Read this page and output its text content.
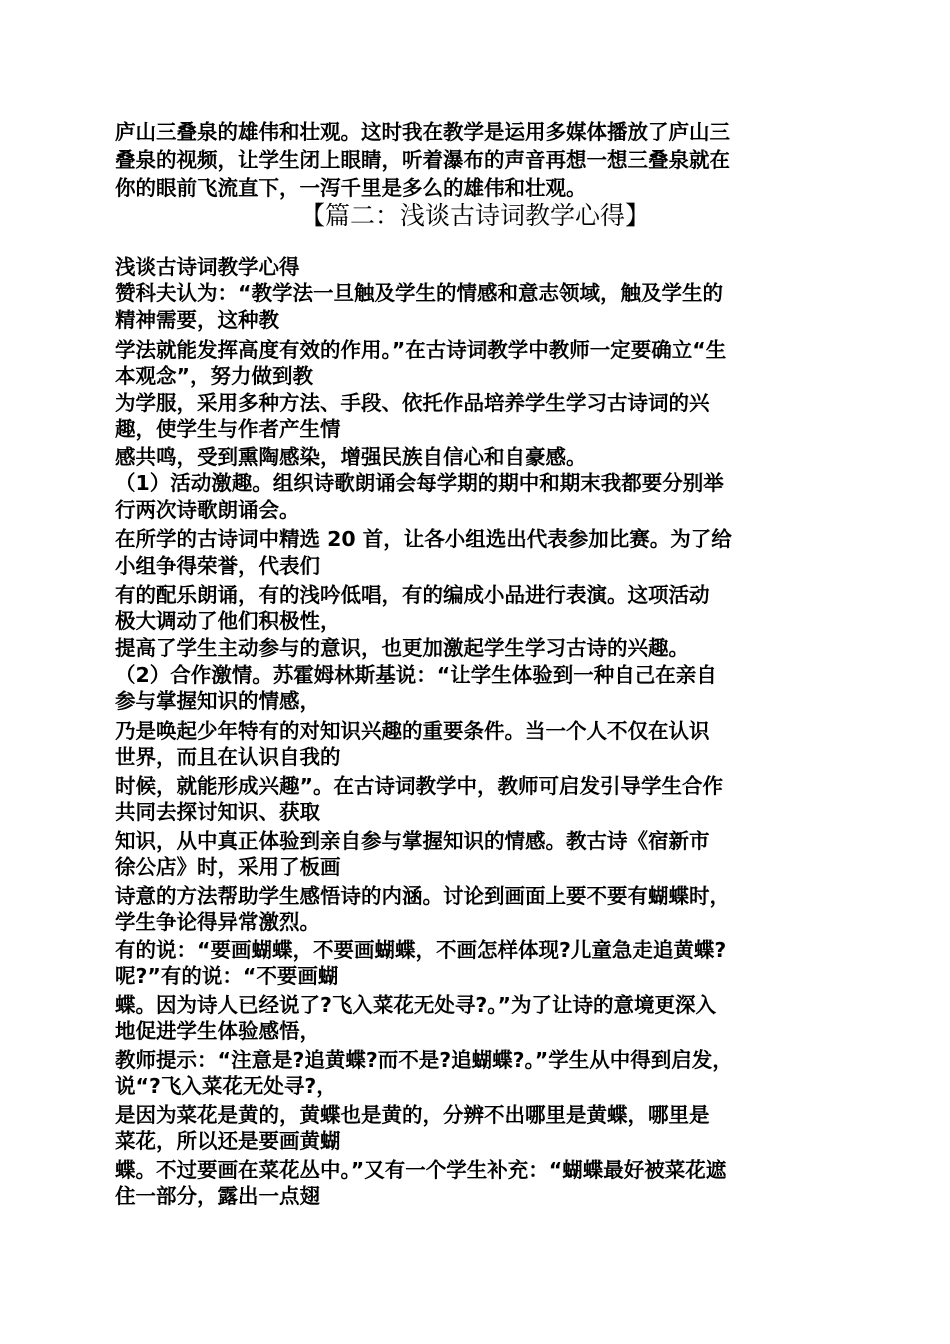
庐山三叠泉的雄伟和壮观。这时我在教学是运用多媒体播放了庐山三
叠泉的视频，让学生闭上眼睛，听着瀑布的声音再想一想三叠泉就在
你的眼前飞流直下，一泻千里是多么的雄伟和壮观。
【篇二：浅谈古诗词教学心得】
浅谈古诗词教学心得
赞科夫认为：“教学法一旦触及学生的情感和意志领域，触及学生的
精神需要，这种教
学法就能发挥高度有效的作用。”在古诗词教学中教师一定要确立“生
本观念”，努力做到教
为学服，采用多种方法、手段、依托作品培养学生学习古诗词的兴
趣，使学生与作者产生情
感共鸣，受到熏陶感染，增强民族自信心和自豪感。
（1）活动激趣。组织诗歌朗诵会每学期的期中和期末我都要分别举
行两次诗歌朗诵会。
在所学的古诗词中精选 20 首，让各小组选出代表参加比赛。为了给
小组争得荣誉，代表们
有的配乐朗诵，有的浅吟低唱，有的编成小品进行表演。这项活动
极大调动了他们积极性，
提高了学生主动参与的意识，也更加激起学生学习古诗的兴趣。
（2）合作激情。苏霍姆林斯基说：“让学生体验到一种自己在亲自
参与掌握知识的情感，
乃是唤起少年特有的对知识兴趣的重要条件。当一个人不仅在认识
世界，而且在认识自我的
时候，就能形成兴趣”。在古诗词教学中，教师可启发引导学生合作
共同去探讨知识、获取
知识，从中真正体验到亲自参与掌握知识的情感。教古诗《宿新市
徐公店》时，采用了板画
诗意的方法帮助学生感悟诗的内涵。讨论到画面上要不要有蝴蝶时，
学生争论得异常激烈。
有的说：“要画蝴蝶，不要画蝴蝶，不画怎样体现?儿童急走追黄蝶?
呢?”有的说：“不要画蝴
蝶。因为诗人已经说了?飞入菜花无处寻?。”为了让诗的意境更深入
地促进学生体验感悟，
教师提示：“注意是?追黄蝶?而不是?追蝴蝶?。”学生从中得到启发，
说“?飞入菜花无处寻?，
是因为菜花是黄的，黄蝶也是黄的，分辨不出哪里是黄蝶，哪里是
菜花，所以还是要画黄蝴
蝶。不过要画在菜花丛中。”又有一个学生补充：“蝴蝶最好被菜花遮
住一部分，露出一点翅
